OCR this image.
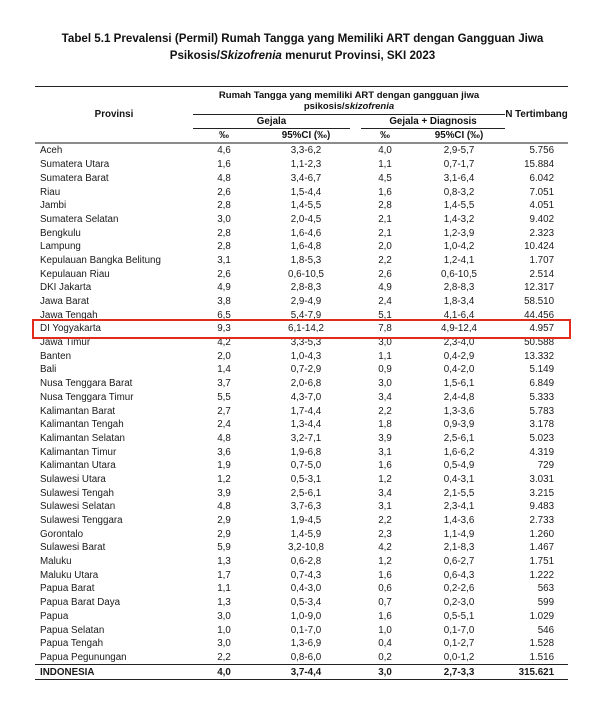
Tabel 5.1 Prevalensi (Permil) Rumah Tangga yang Memiliki ART dengan Gangguan Jiwa
Psikosis/Skizofrenia menurut Provinsi, SKI 2023
Provinsi	Rumah Tangga yang memiliki ART dengan gangguan jiwa
psikosis/skizofrenia				N Tertimbang

	Gejala		Gejala + Diagnosis		

	‰	95%CI (‰)	‰	95%CI (‰)	
Aceh	4,6	3,3-6,2	4,0	2,9-5,7	5.756
Sumatera Utara	1,6	1,1-2,3	1,1	0,7-1,7	15.884
Sumatera Barat	4,8	3,4-6,7	4,5	3,1-6,4	6.042
Riau	2,6	1,5-4,4	1,6	0,8-3,2	7.051
Jambi	2,8	1,4-5,5	2,8	1,4-5,5	4.051
Sumatera Selatan	3,0	2,0-4,5	2,1	1,4-3,2	9.402
Bengkulu	2,8	1,6-4,6	2,1	1,2-3,9	2.323
Lampung	2,8	1,6-4,8	2,0	1,0-4,2	10.424
Kepulauan Bangka Belitung	3,1	1,8-5,3	2,2	1,2-4,1	1.707
Kepulauan Riau	2,6	0,6-10,5	2,6	0,6-10,5	2.514
DKI Jakarta	4,9	2,8-8,3	4,9	2,8-8,3	12.317
Jawa Barat	3,8	2,9-4,9	2,4	1,8-3,4	58.510
Jawa Tengah	6,5	5,4-7,9	5,1	4,1-6,4	44.456
DI Yogyakarta	9,3	6,1-14,2	7,8	4,9-12,4	4.957
Jawa Timur	4,2	3,3-5,3	3,0	2,3-4,0	50.588
Banten	2,0	1,0-4,3	1,1	0,4-2,9	13.332
Bali	1,4	0,7-2,9	0,9	0,4-2,0	5.149
Nusa Tenggara Barat	3,7	2,0-6,8	3,0	1,5-6,1	6.849
Nusa Tenggara Timur	5,5	4,3-7,0	3,4	2,4-4,8	5.333
Kalimantan Barat	2,7	1,7-4,4	2,2	1,3-3,6	5.783
Kalimantan Tengah	2,4	1,3-4,4	1,8	0,9-3,9	3.178
Kalimantan Selatan	4,8	3,2-7,1	3,9	2,5-6,1	5.023
Kalimantan Timur	3,6	1,9-6,8	3,1	1,6-6,2	4.319
Kalimantan Utara	1,9	0,7-5,0	1,6	0,5-4,9	729
Sulawesi Utara	1,2	0,5-3,1	1,2	0,4-3,1	3.031
Sulawesi Tengah	3,9	2,5-6,1	3,4	2,1-5,5	3.215
Sulawesi Selatan	4,8	3,7-6,3	3,1	2,3-4,1	9.483
Sulawesi Tenggara	2,9	1,9-4,5	2,2	1,4-3,6	2.733
Gorontalo	2,9	1,4-5,9	2,3	1,1-4,9	1.260
Sulawesi Barat	5,9	3,2-10,8	4,2	2,1-8,3	1.467
Maluku	1,3	0,6-2,8	1,2	0,6-2,7	1.751
Maluku Utara	1,7	0,7-4,3	1,6	0,6-4,3	1.222
Papua Barat	1,1	0,4-3,0	0,6	0,2-2,6	563
Papua Barat Daya	1,3	0,5-3,4	0,7	0,2-3,0	599
Papua	3,0	1,0-9,0	1,6	0,5-5,1	1.029
Papua Selatan	1,0	0,1-7,0	1,0	0,1-7,0	546
Papua Tengah	3,0	1,3-6,9	0,4	0,1-2,7	1.528
Papua Pegunungan	2,2	0,8-6,0	0,2	0,0-1,2	1.516
INDONESIA	4,0	3,7-4,4	3,0	2,7-3,3	315.621
